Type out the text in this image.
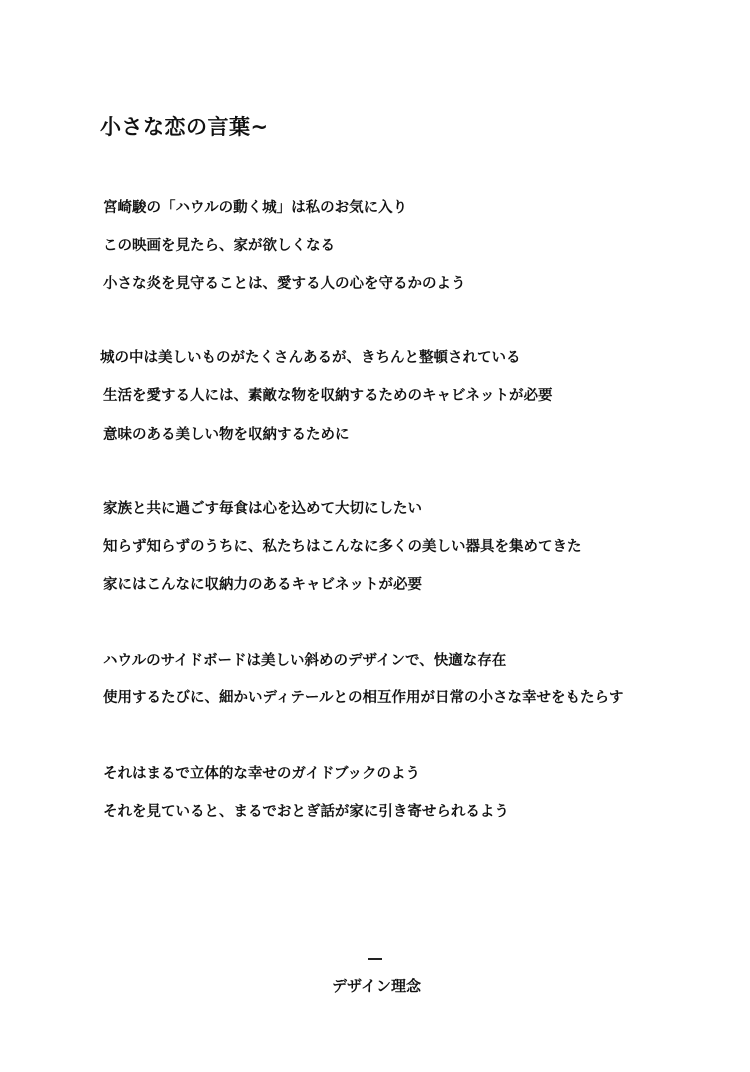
小さな恋の言葉~
宮崎駿の「ハウルの動く城」は私のお気に入り
この映画を見たら、家が欲しくなる
小さな炎を見守ることは、愛する人の心を守るかのよう
城の中は美しいものがたくさんあるが、きちんと整頓されている
生活を愛する人には、素敵な物を収納するためのキャビネットが必要
意味のある美しい物を収納するために
家族と共に過ごす毎食は心を込めて大切にしたい
知らず知らずのうちに、私たちはこんなに多くの美しい器具を集めてきた
家にはこんなに収納力のあるキャビネットが必要
ハウルのサイドボードは美しい斜めのデザインで、快適な存在
使用するたびに、細かいディテールとの相互作用が日常の小さな幸せをもたらす
それはまるで立体的な幸せのガイドブックのよう
それを見ていると、まるでおとぎ話が家に引き寄せられるよう
デザイン理念
